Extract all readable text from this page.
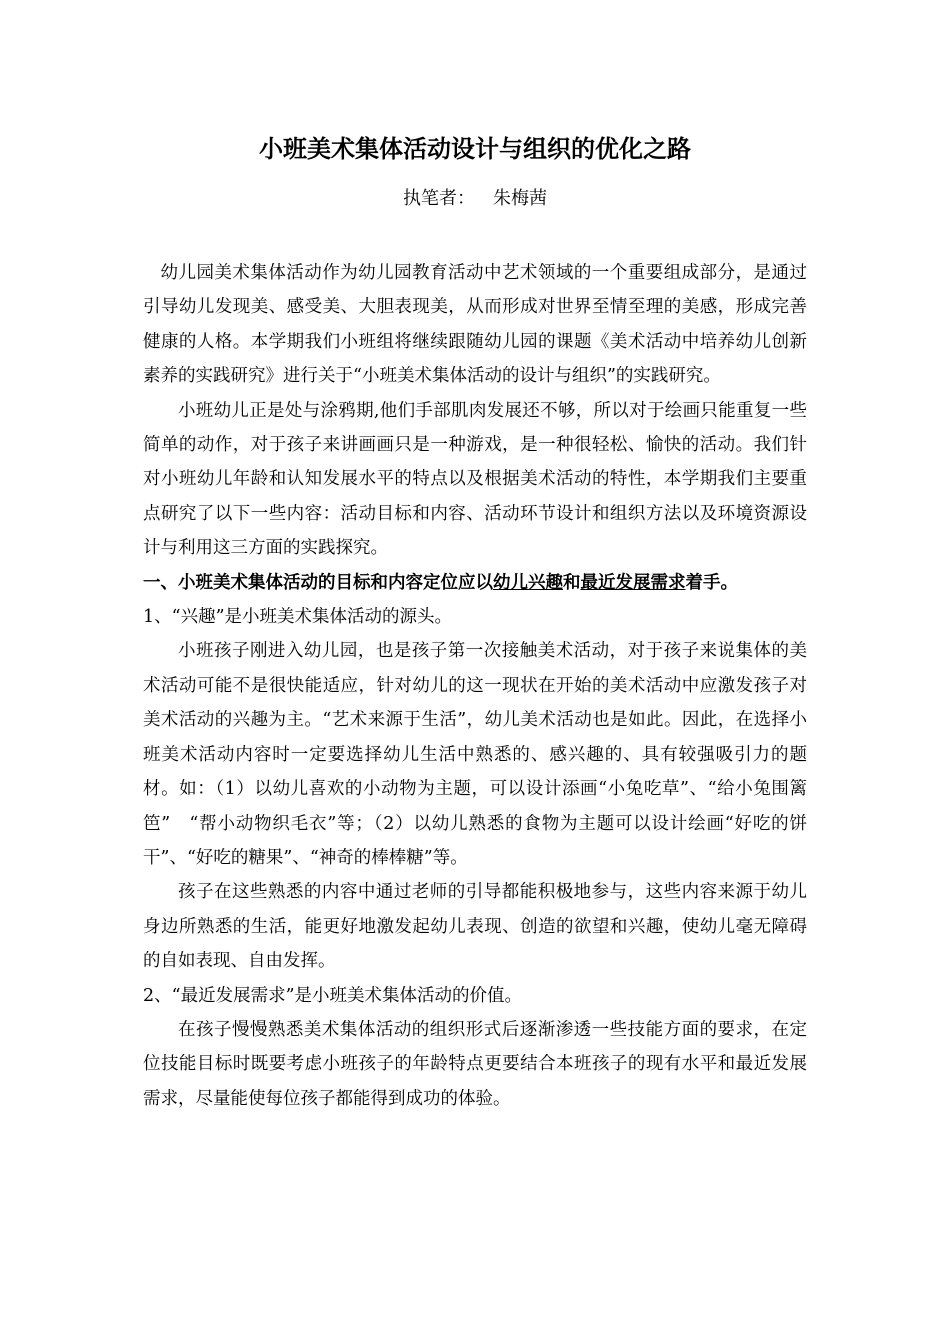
小班美术集体活动设计与组织的优化之路
执笔者： 朱梅茜

幼儿园美术集体活动作为幼儿园教育活动中艺术领域的一个重要组成部分，是通过引导幼儿发现美、感受美、大胆表现美，从而形成对世界至情至理的美感，形成完善健康的人格。本学期我们小班组将继续跟随幼儿园的课题《美术活动中培养幼儿创新素养的实践研究》进行关于“小班美术集体活动的设计与组织”的实践研究。

小班幼儿正是处与涂鸦期,他们手部肌肉发展还不够，所以对于绘画只能重复一些简单的动作，对于孩子来讲画画只是一种游戏，是一种很轻松、愉快的活动。我们针对小班幼儿年龄和认知发展水平的特点以及根据美术活动的特性，本学期我们主要重点研究了以下一些内容：活动目标和内容、活动环节设计和组织方法以及环境资源设计与利用这三方面的实践探究。

一、小班美术集体活动的目标和内容定位应以幼儿兴趣和最近发展需求着手。

1、“兴趣”是小班美术集体活动的源头。

小班孩子刚进入幼儿园，也是孩子第一次接触美术活动，对于孩子来说集体的美术活动可能不是很快能适应，针对幼儿的这一现状在开始的美术活动中应激发孩子对美术活动的兴趣为主。“艺术来源于生活”，幼儿美术活动也是如此。因此，在选择小班美术活动内容时一定要选择幼儿生活中熟悉的、感兴趣的、具有较强吸引力的题材。如：（1）以幼儿喜欢的小动物为主题，可以设计添画“小兔吃草”、“给小兔围篱笆”　“帮小动物织毛衣”等；（2）以幼儿熟悉的食物为主题可以设计绘画“好吃的饼干”、“好吃的糖果”、“神奇的棒棒糖”等。

孩子在这些熟悉的内容中通过老师的引导都能积极地参与，这些内容来源于幼儿身边所熟悉的生活，能更好地激发起幼儿表现、创造的欲望和兴趣，使幼儿毫无障碍的自如表现、自由发挥。

2、“最近发展需求”是小班美术集体活动的价值。

在孩子慢慢熟悉美术集体活动的组织形式后逐渐渗透一些技能方面的要求，在定位技能目标时既要考虑小班孩子的年龄特点更要结合本班孩子的现有水平和最近发展需求，尽量能使每位孩子都能得到成功的体验。
